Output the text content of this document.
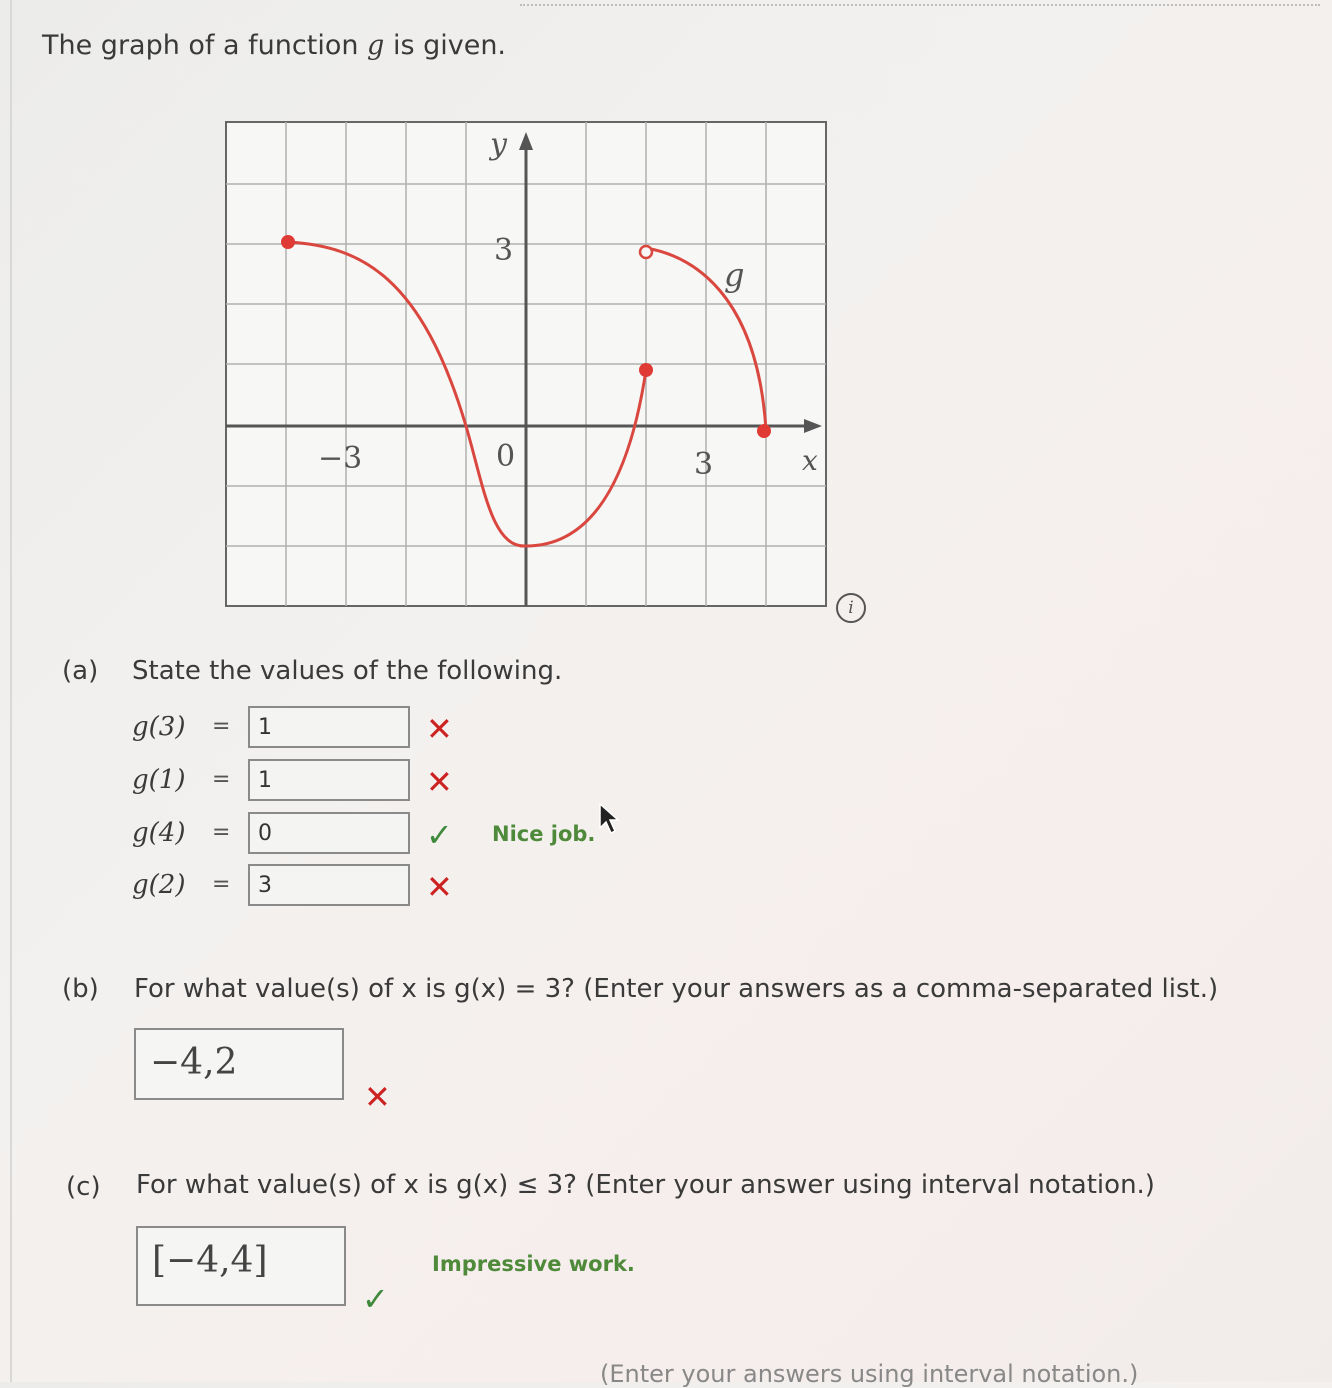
The graph of a function g is given.
y
x
3
−3	0	3
g
i
(a) State the values of the following.
g(3) =	1	✕
g(1) =	1	✕
g(4) =	0	✓ Nice job.
g(2) =	3	✕
(b) For what value(s) of x is g(x) = 3? (Enter your answers as a comma-separated list.)
−4,2
✕
(c) For what value(s) of x is g(x) ≤ 3? (Enter your answer using interval notation.)
[−4,4]
✓
Impressive work.
(Enter your answers using interval notation.)
